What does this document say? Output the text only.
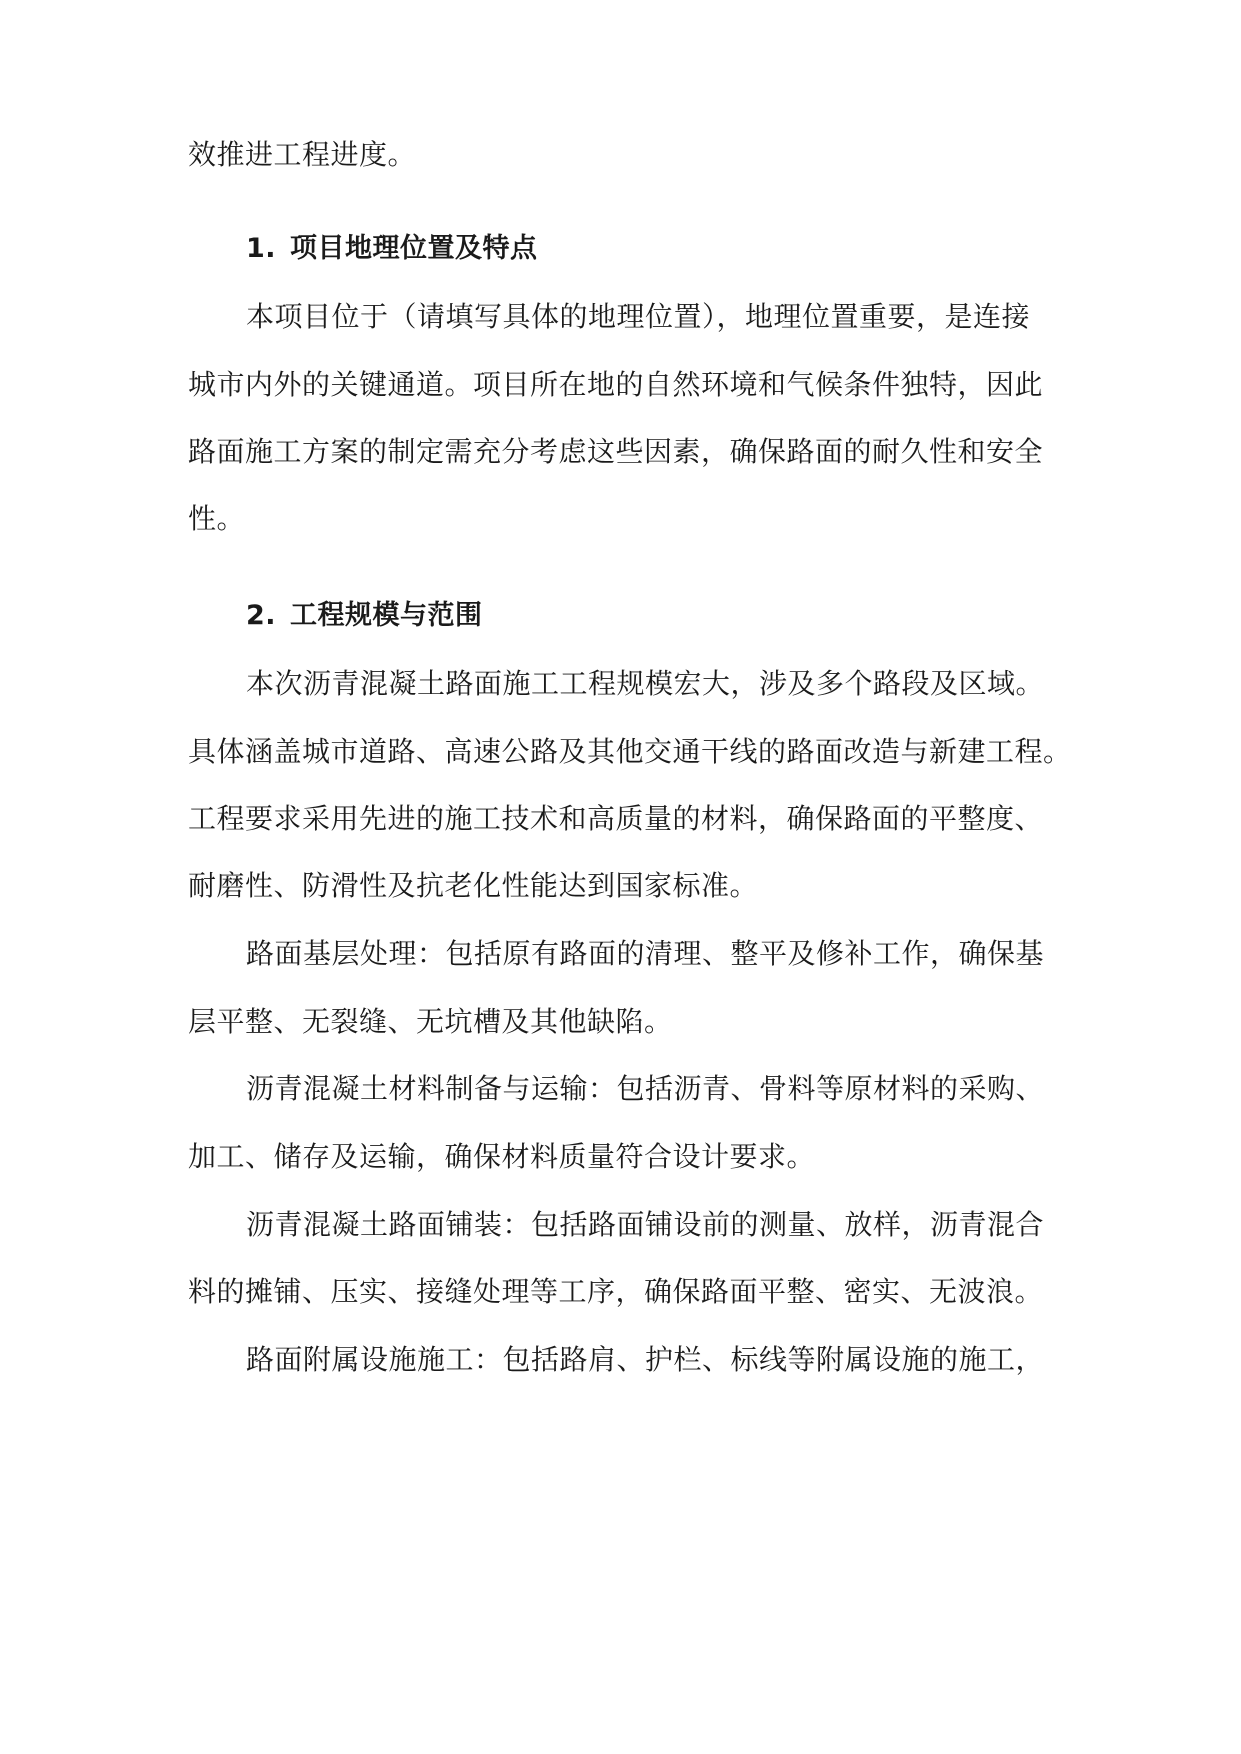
效推进工程进度。
1. 项目地理位置及特点
本项目位于（请填写具体的地理位置），地理位置重要，是连接
城市内外的关键通道。项目所在地的自然环境和气候条件独特，因此
路面施工方案的制定需充分考虑这些因素，确保路面的耐久性和安全
性。
2. 工程规模与范围
本次沥青混凝土路面施工工程规模宏大，涉及多个路段及区域。
具体涵盖城市道路、高速公路及其他交通干线的路面改造与新建工程。
工程要求采用先进的施工技术和高质量的材料，确保路面的平整度、
耐磨性、防滑性及抗老化性能达到国家标准。
路面基层处理：包括原有路面的清理、整平及修补工作，确保基
层平整、无裂缝、无坑槽及其他缺陷。
沥青混凝土材料制备与运输：包括沥青、骨料等原材料的采购、
加工、储存及运输，确保材料质量符合设计要求。
沥青混凝土路面铺装：包括路面铺设前的测量、放样，沥青混合
料的摊铺、压实、接缝处理等工序，确保路面平整、密实、无波浪。
路面附属设施施工：包括路肩、护栏、标线等附属设施的施工，
